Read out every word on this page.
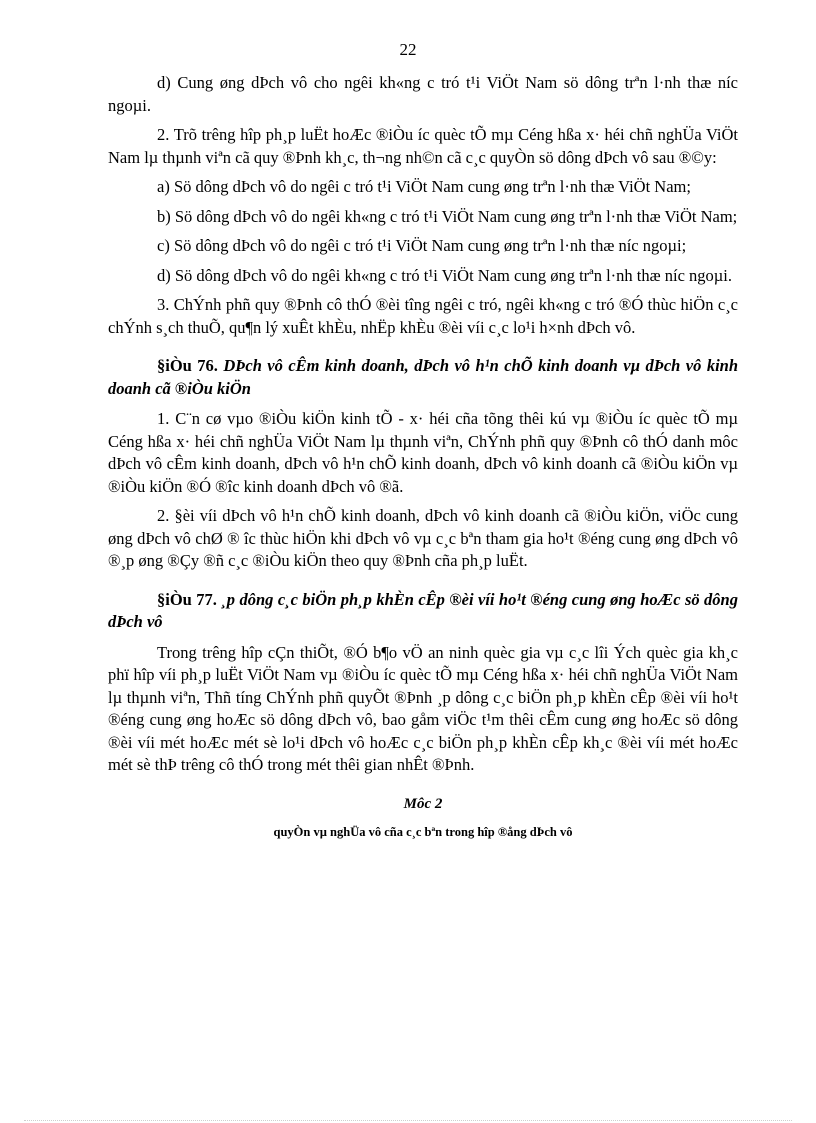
22

d) Cung øng dÞch vô cho ngêi kh«ng c tró t¹i ViÖt Nam sö dông trªn l·nh thæ níc ngoµi.

2. Trõ trêng hîp ph¸p luËt hoÆc ®iÒu íc quèc tÕ mµ Céng hßa x· héi chñ nghÜa ViÖt Nam lµ thµnh viªn cã quy ®Þnh kh¸c, th¬ng nh©n cã c¸c quyÒn sö dông dÞch vô sau ®©y:

a) Sö dông dÞch vô do ngêi c tró t¹i ViÖt Nam cung øng trªn l·nh thæ ViÖt Nam;

b) Sö dông dÞch vô do ngêi kh«ng c tró t¹i ViÖt Nam cung øng trªn l·nh thæ ViÖt Nam;

c) Sö dông dÞch vô do ngêi c tró t¹i ViÖt Nam cung øng trªn l·nh thæ níc ngoµi;

d) Sö dông dÞch vô do ngêi kh«ng c tró t¹i ViÖt Nam cung øng trªn l·nh thæ níc ngoµi.

3. ChÝnh phñ quy ®Þnh cô thÓ ®èi tîng ngêi c tró, ngêi kh«ng c tró ®Ó thùc hiÖn c¸c chÝnh s¸ch thuÕ, qu¶n lý xuÊt khÈu, nhËp khÈu ®èi víi c¸c lo¹i h×nh dÞch vô.

§iÒu 76. DÞch vô cÊm kinh doanh, dÞch vô h¹n chÕ kinh doanh vµ dÞch vô kinh doanh cã ®iÒu kiÖn

1. C¨n cø vµo ®iÒu kiÖn kinh tÕ - x· héi cña tõng thêi kú vµ ®iÒu íc quèc tÕ mµ Céng hßa x· héi chñ nghÜa ViÖt Nam lµ thµnh viªn, ChÝnh phñ quy ®Þnh cô thÓ danh môc dÞch vô cÊm kinh doanh, dÞch vô h¹n chÕ kinh doanh, dÞch vô kinh doanh cã ®iÒu kiÖn vµ ®iÒu kiÖn ®Ó ®îc kinh doanh dÞch vô ®ã.

2. §èi víi dÞch vô h¹n chÕ kinh doanh, dÞch vô kinh doanh cã ®iÒu kiÖn, viÖc cung øng dÞch vô chØ ® îc thùc hiÖn khi dÞch vô vµ c¸c bªn tham gia ho¹t ®éng cung øng dÞch vô ®¸p øng ®Çy ®ñ c¸c ®iÒu kiÖn theo quy ®Þnh cña ph¸p luËt.

§iÒu 77. ¸p dông c¸c biÖn ph¸p khÈn cÊp ®èi víi ho¹t ®éng cung øng hoÆc sö dông dÞch vô

Trong trêng hîp cÇn thiÕt, ®Ó b¶o vÖ an ninh quèc gia vµ c¸c lîi Ých quèc gia kh¸c phï hîp víi ph¸p luËt ViÖt Nam vµ ®iÒu íc quèc tÕ mµ Céng hßa x· héi chñ nghÜa ViÖt Nam lµ thµnh viªn, Thñ tíng ChÝnh phñ quyÕt ®Þnh ¸p dông c¸c biÖn ph¸p khÈn cÊp ®èi víi ho¹t ®éng cung øng hoÆc sö dông dÞch vô, bao gåm viÖc t¹m thêi cÊm cung øng hoÆc sö dông ®èi víi mét hoÆc mét sè lo¹i dÞch vô hoÆc c¸c biÖn ph¸p khÈn cÊp kh¸c ®èi víi mét hoÆc mét sè thÞ trêng cô thÓ trong mét thêi gian nhÊt ®Þnh.

Môc 2
quyÒn vµ nghÜa vô cña c¸c bªn trong hîp ®ång dÞch vô
